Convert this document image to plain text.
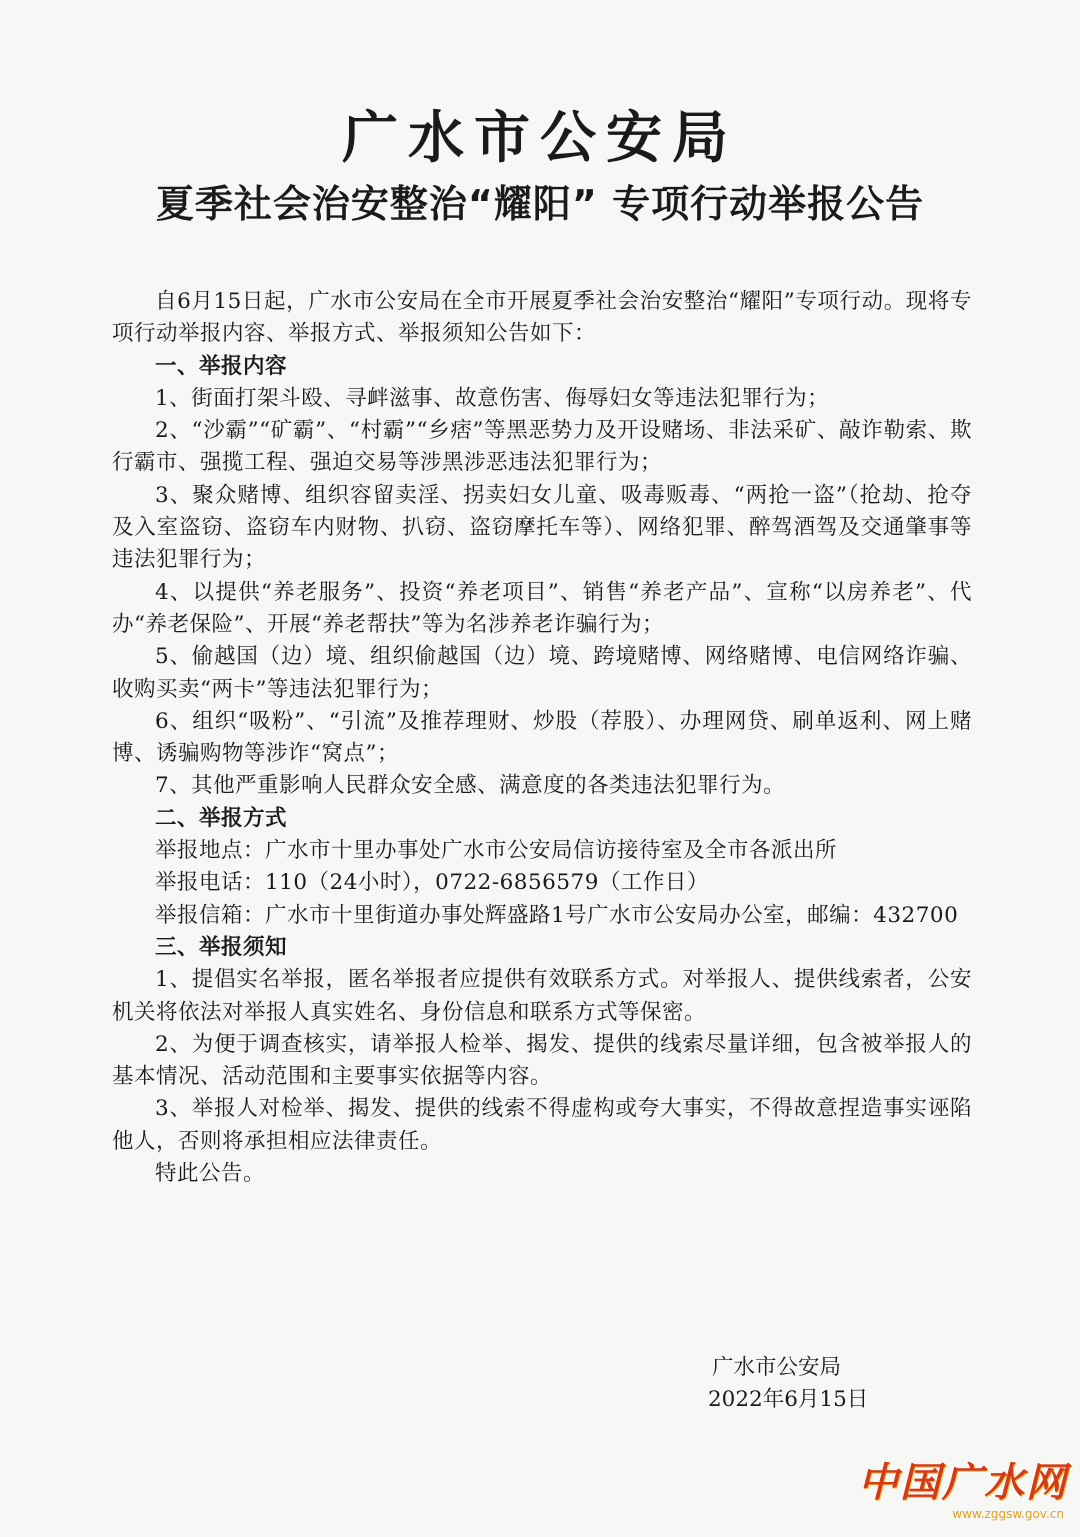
广水市公安局
夏季社会治安整治“耀阳” 专项行动举报公告

自6月15日起，广水市公安局在全市开展夏季社会治安整治“耀阳”专项行动。现将专项行动举报内容、举报方式、举报须知公告如下：

一、举报内容

1、街面打架斗殴、寻衅滋事、故意伤害、侮辱妇女等违法犯罪行为；

2、“沙霸”“矿霸”、“村霸”“乡痞”等黑恶势力及开设赌场、非法采矿、敲诈勒索、欺行霸市、强揽工程、强迫交易等涉黑涉恶违法犯罪行为；

3、聚众赌博、组织容留卖淫、拐卖妇女儿童、吸毒贩毒、“两抢一盗”（抢劫、抢夺及入室盗窃、盗窃车内财物、扒窃、盗窃摩托车等）、网络犯罪、醉驾酒驾及交通肇事等违法犯罪行为；

4、以提供“养老服务”、投资“养老项目”、销售“养老产品”、宣称“以房养老”、代办“养老保险”、开展“养老帮扶”等为名涉养老诈骗行为；

5、偷越国（边）境、组织偷越国（边）境、跨境赌博、网络赌博、电信网络诈骗、收购买卖“两卡”等违法犯罪行为；

6、组织“吸粉”、“引流”及推荐理财、炒股（荐股）、办理网贷、刷单返利、网上赌博、诱骗购物等涉诈“窝点”；

7、其他严重影响人民群众安全感、满意度的各类违法犯罪行为。

二、举报方式

举报地点：广水市十里办事处广水市公安局信访接待室及全市各派出所

举报电话：110（24小时），0722-6856579（工作日）

举报信箱：广水市十里街道办事处辉盛路1号广水市公安局办公室，邮编：432700

三、举报须知

1、提倡实名举报，匿名举报者应提供有效联系方式。对举报人、提供线索者，公安机关将依法对举报人真实姓名、身份信息和联系方式等保密。

2、为便于调查核实，请举报人检举、揭发、提供的线索尽量详细，包含被举报人的基本情况、活动范围和主要事实依据等内容。

3、举报人对检举、揭发、提供的线索不得虚构或夸大事实，不得故意捏造事实诬陷他人，否则将承担相应法律责任。

特此公告。

广水市公安局
2022年6月15日
中国广水网
www.zggsw.gov.cn
